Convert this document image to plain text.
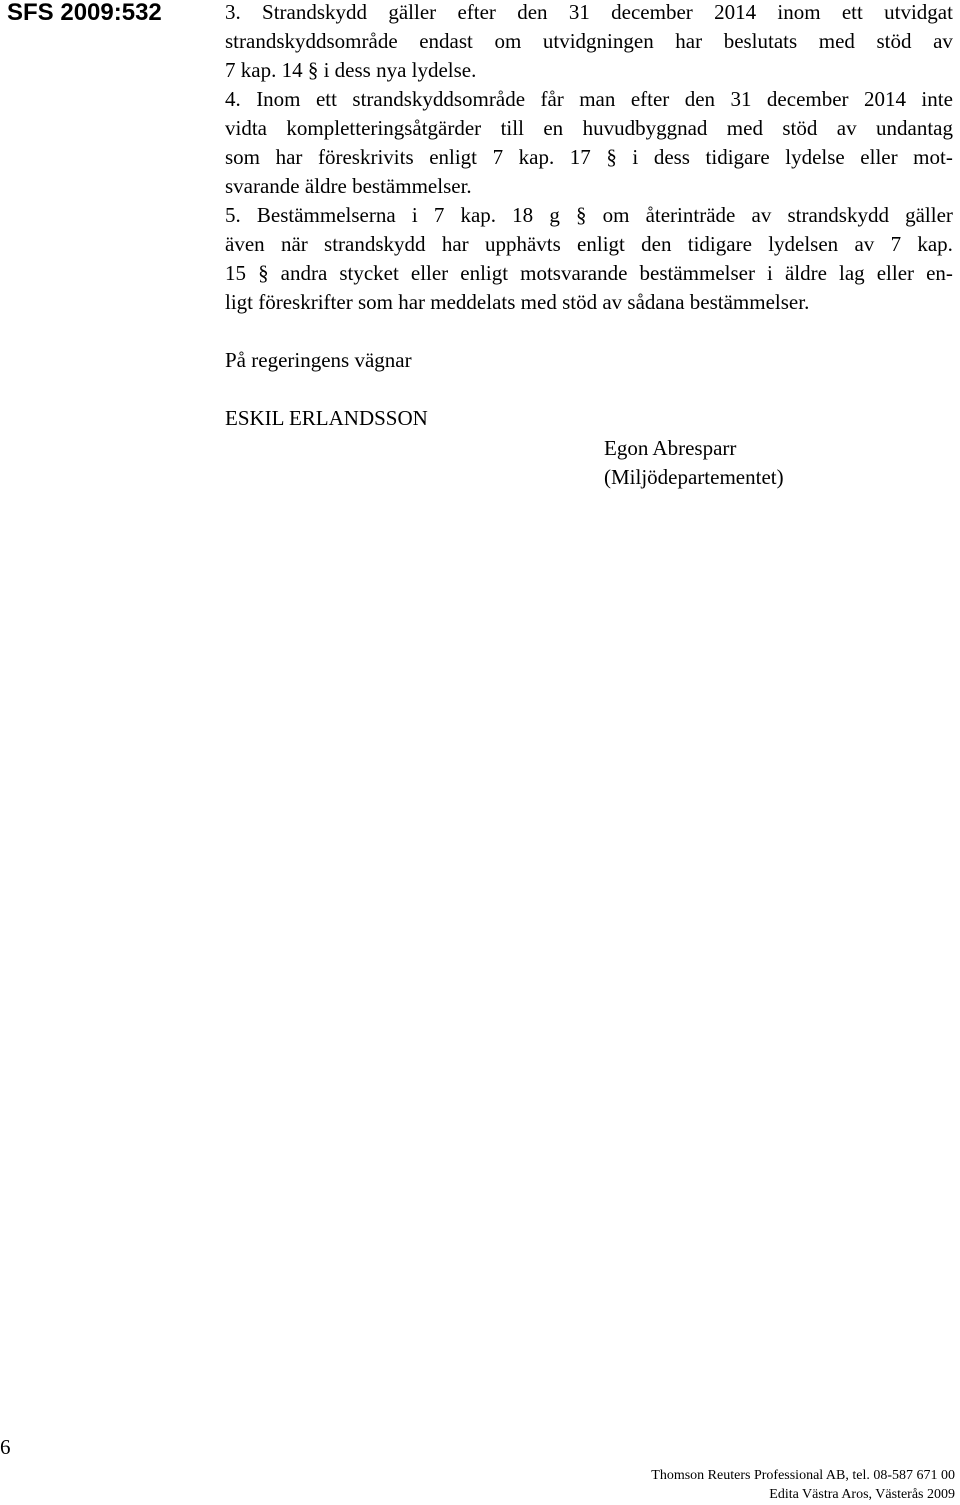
SFS 2009:532	3. Strandskydd gäller efter den 31 december 2014 inom ett utvidgat
strandskyddsområde endast om utvidgningen har beslutats med stöd av
7 kap. 14 § i dess nya lydelse.
4. Inom ett strandskyddsområde får man efter den 31 december 2014 inte
vidta kompletteringsåtgärder till en huvudbyggnad med stöd av undantag
som har föreskrivits enligt 7 kap. 17 § i dess tidigare lydelse eller mot-
svarande äldre bestämmelser.
5. Bestämmelserna i 7 kap. 18 g § om återinträde av strandskydd gäller
även när strandskydd har upphävts enligt den tidigare lydelsen av 7 kap.
15 § andra stycket eller enligt motsvarande bestämmelser i äldre lag eller en-
ligt föreskrifter som har meddelats med stöd av sådana bestämmelser.
På regeringens vägnar
ESKIL ERLANDSSON
Egon Abresparr
(Miljödepartementet)
6
Thomson Reuters Professional AB, tel. 08-587 671 00
Edita Västra Aros, Västerås 2009
